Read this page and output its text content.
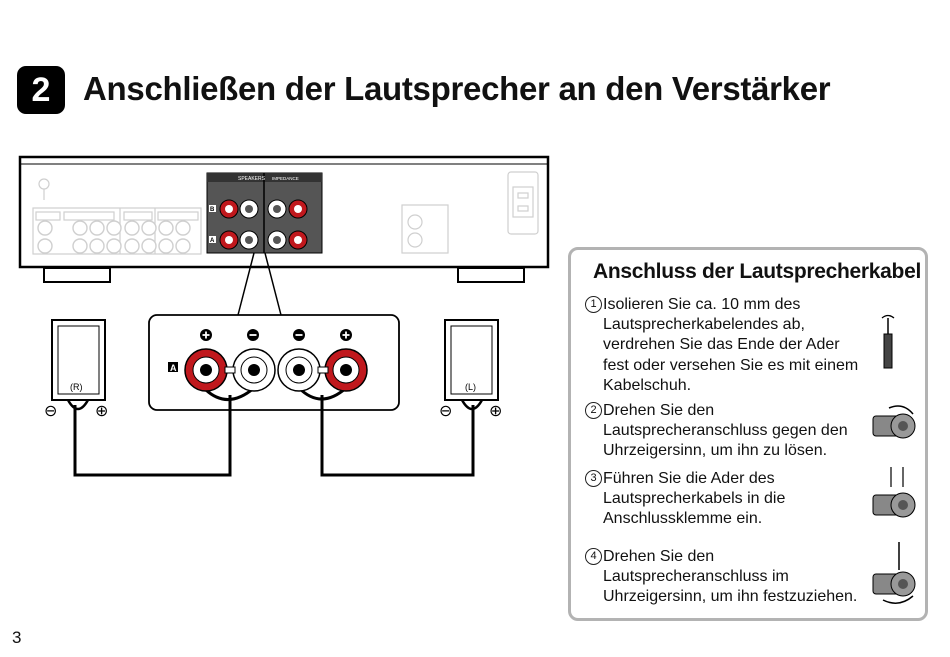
2 Anschließen der Lautsprecher an den Verstärker
SPEAKERS IMPEDANCE
B
A
A
(R)
⊖ ⊕
(L)
⊖ ⊕
Anschluss der Lautsprecherkabel
1 Isolieren Sie ca. 10 mm des Lautsprecherkabelendes ab, verdrehen Sie das Ende der Ader fest oder versehen Sie es mit einem Kabelschuh.
2 Drehen Sie den Lautsprecheranschluss gegen den Uhrzeigersinn, um ihn zu lösen.
3 Führen Sie die Ader des Lautsprecherkabels in die Anschlussklemme ein.
4 Drehen Sie den Lautsprecheranschluss im Uhrzeigersinn, um ihn festzuziehen.
3
